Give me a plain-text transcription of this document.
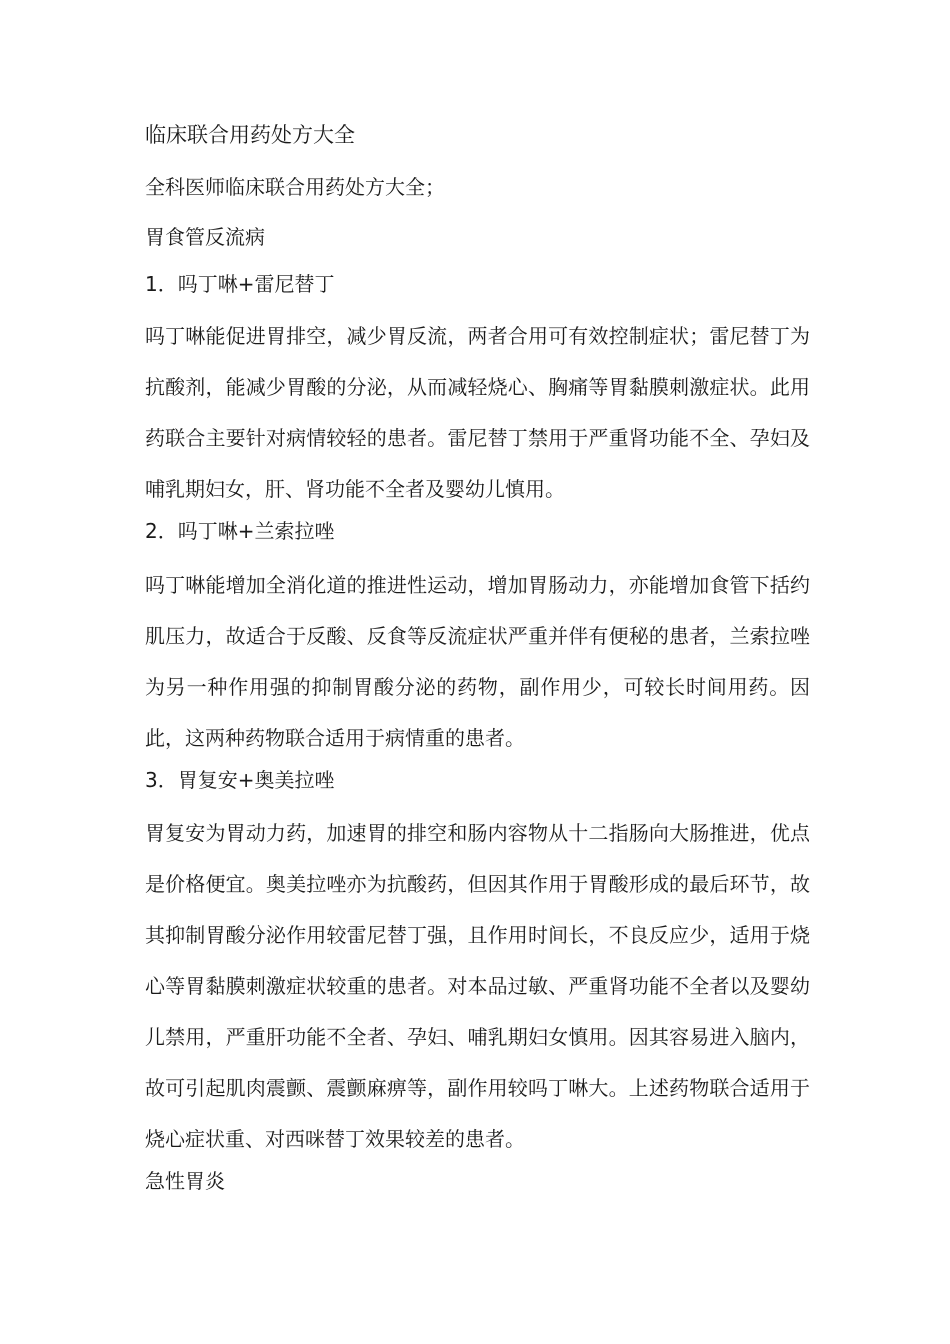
临床联合用药处方大全
全科医师临床联合用药处方大全；
胃食管反流病
1．吗丁啉+雷尼替丁
吗丁啉能促进胃排空，减少胃反流，两者合用可有效控制症状；雷尼替丁为抗酸剂，能减少胃酸的分泌，从而减轻烧心、胸痛等胃黏膜刺激症状。此用药联合主要针对病情较轻的患者。雷尼替丁禁用于严重肾功能不全、孕妇及哺乳期妇女，肝、肾功能不全者及婴幼儿慎用。
2．吗丁啉+兰索拉唑
吗丁啉能增加全消化道的推进性运动，增加胃肠动力，亦能增加食管下括约肌压力，故适合于反酸、反食等反流症状严重并伴有便秘的患者，兰索拉唑为另一种作用强的抑制胃酸分泌的药物，副作用少，可较长时间用药。因此，这两种药物联合适用于病情重的患者。
3．胃复安+奥美拉唑
胃复安为胃动力药，加速胃的排空和肠内容物从十二指肠向大肠推进，优点是价格便宜。奥美拉唑亦为抗酸药，但因其作用于胃酸形成的最后环节，故其抑制胃酸分泌作用较雷尼替丁强，且作用时间长，不良反应少，适用于烧心等胃黏膜刺激症状较重的患者。对本品过敏、严重肾功能不全者以及婴幼儿禁用，严重肝功能不全者、孕妇、哺乳期妇女慎用。因其容易进入脑内，故可引起肌肉震颤、震颤麻痹等，副作用较吗丁啉大。上述药物联合适用于烧心症状重、对西咪替丁效果较差的患者。
急性胃炎
